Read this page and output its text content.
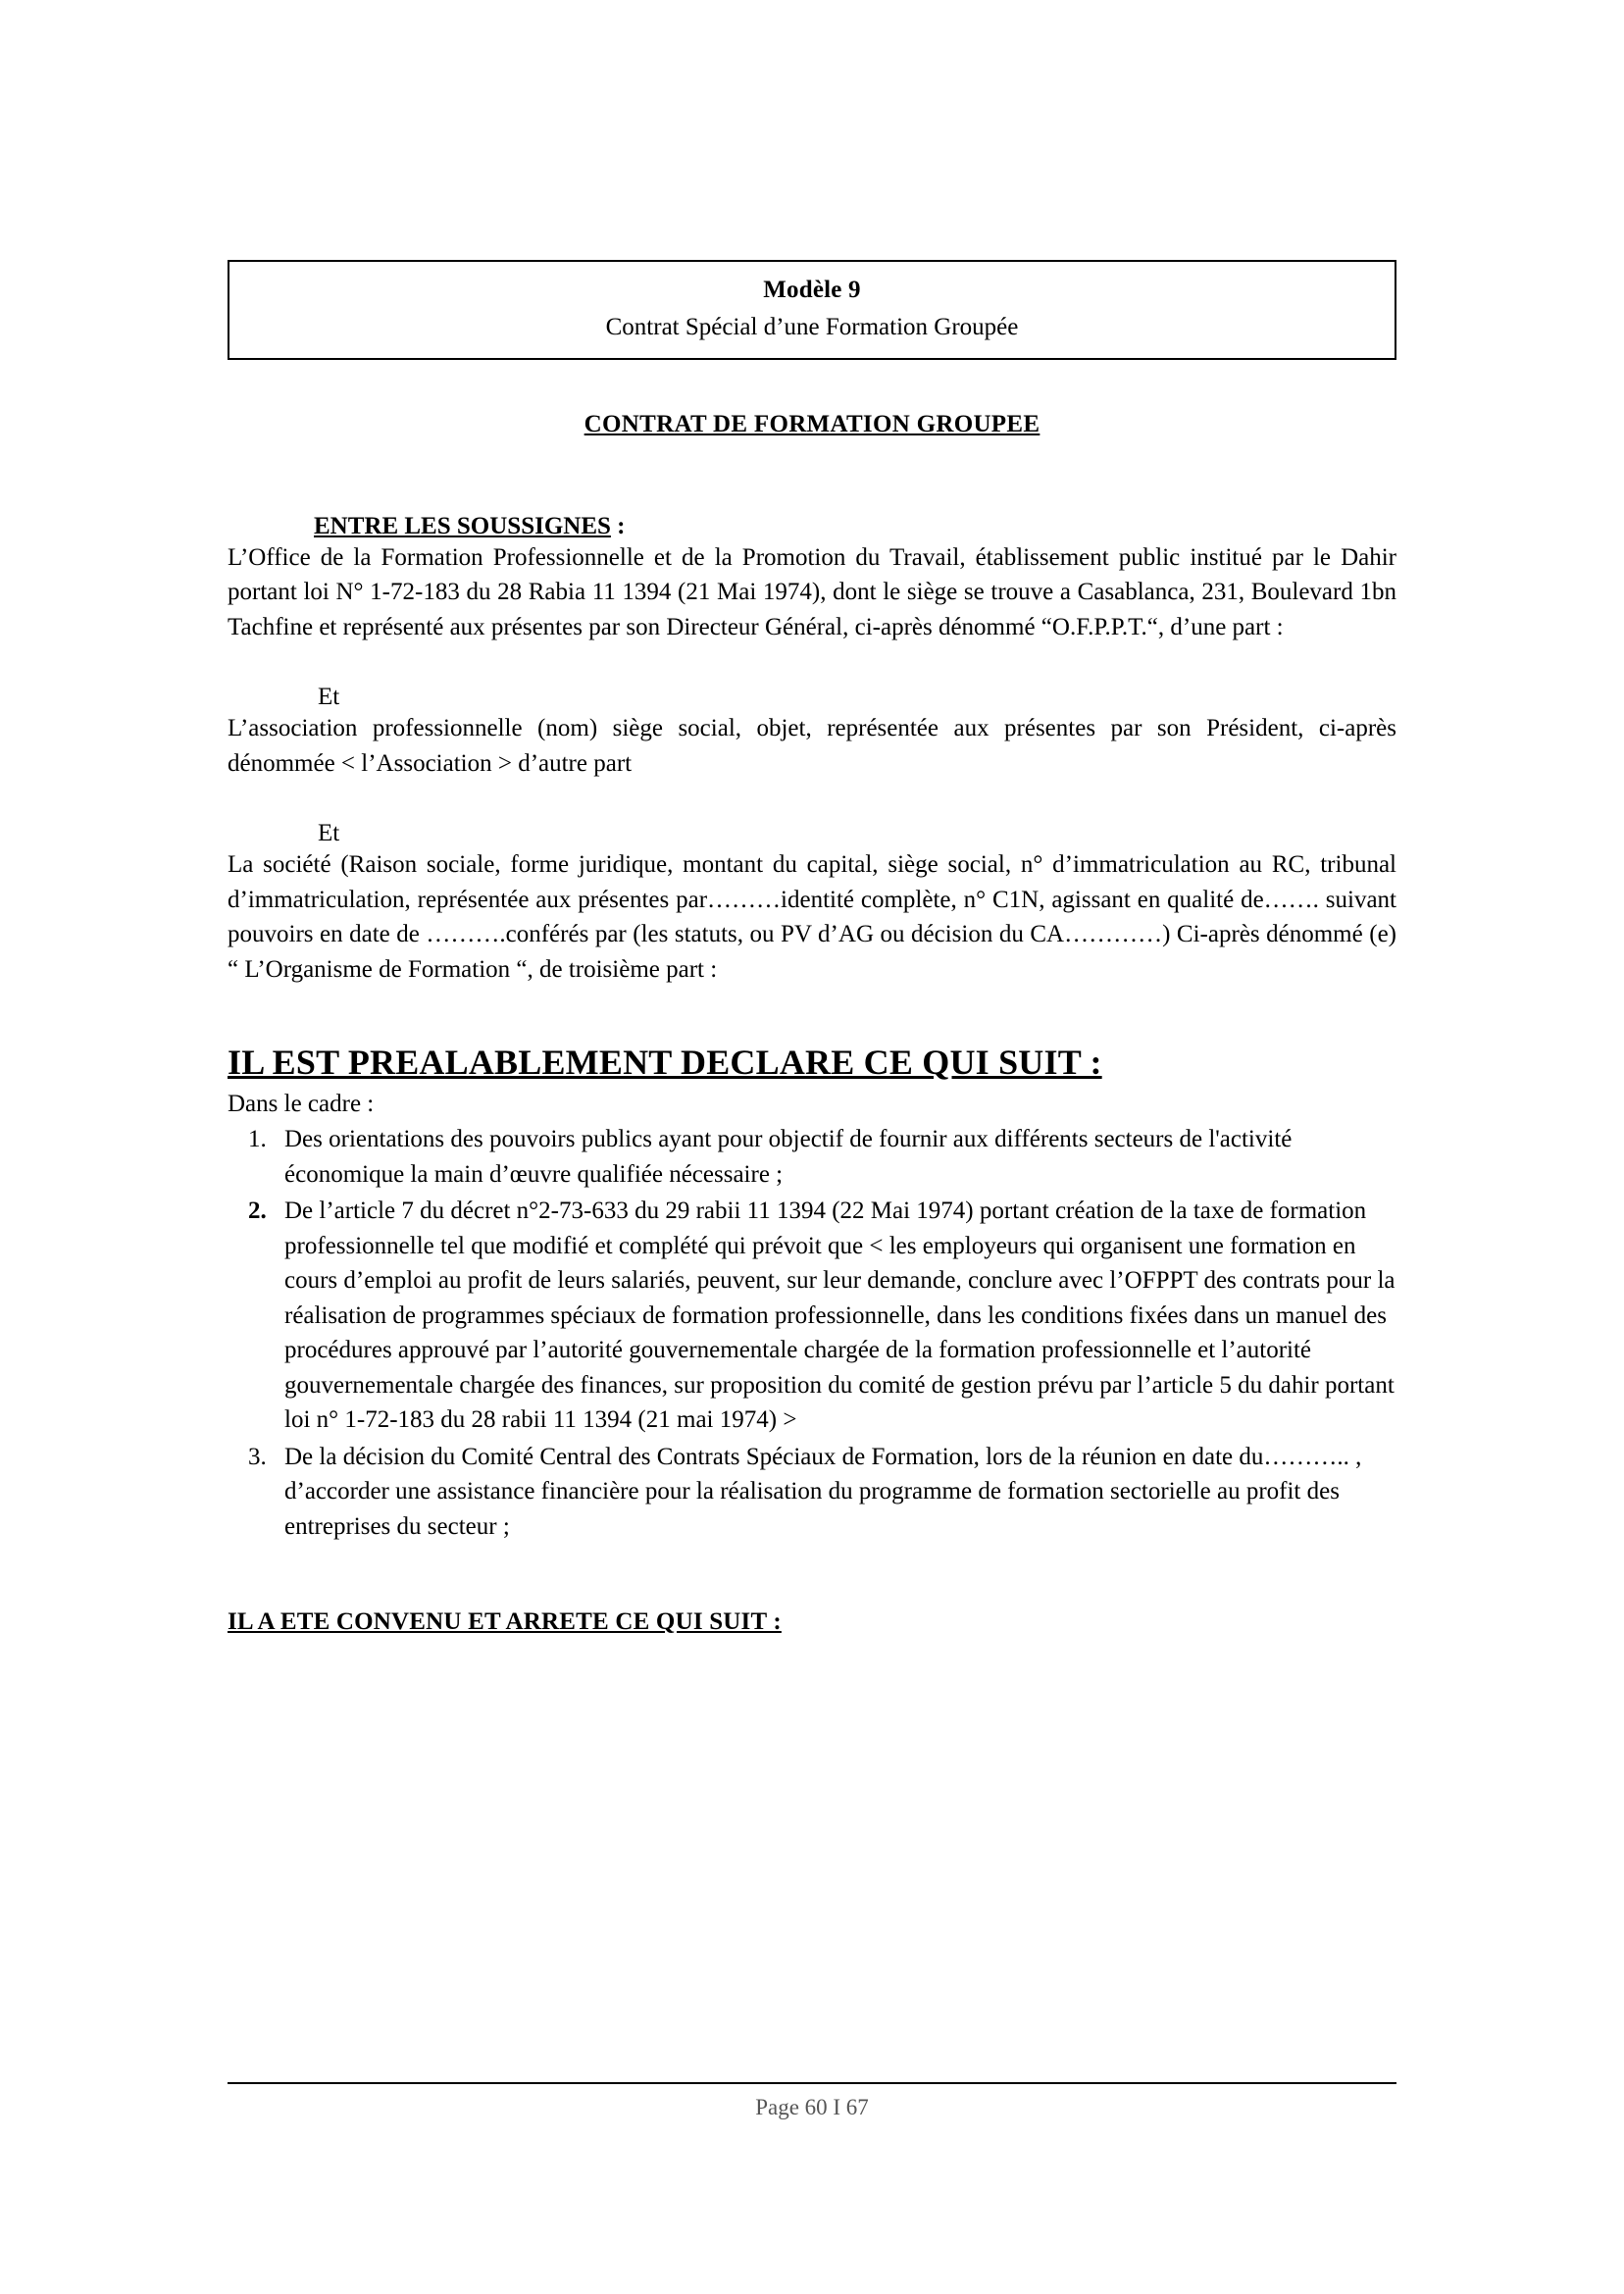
Modèle 9
Contrat Spécial d’une Formation Groupée
CONTRAT DE FORMATION GROUPEE
ENTRE LES SOUSSIGNES :

L’Office de la Formation Professionnelle et de la Promotion du Travail, établissement public institué par le Dahir portant loi N° 1-72-183 du 28 Rabia 11 1394 (21 Mai 1974), dont le siège se trouve a Casablanca, 231, Boulevard 1bn Tachfine et représenté aux présentes par son Directeur Général, ci-après dénommé “O.F.P.P.T.“, d’une part :

Et

L’association professionnelle (nom) siège social, objet, représentée aux présentes par son Président, ci-après dénommée < l’Association > d’autre part

Et

La société (Raison sociale, forme juridique, montant du capital, siège social, n° d’immatriculation au RC, tribunal d’immatriculation, représentée aux présentes par………identité complète, n° C1N, agissant en qualité de……. suivant pouvoirs en date de ……….conférés par (les statuts, ou PV d’AG ou décision du CA…………) Ci-après dénommé (e) “ L’Organisme de Formation “, de troisième part :

IL EST PREALABLEMENT DECLARE CE QUI SUIT :
Dans le cadre :
1. Des orientations des pouvoirs publics ayant pour objectif de fournir aux différents secteurs de l'activité économique la main d’œuvre qualifiée nécessaire ;
2. De l’article 7 du décret n°2-73-633 du 29 rabii 11 1394 (22 Mai 1974) portant création de la taxe de formation professionnelle tel que modifié et complété qui prévoit que < les employeurs qui organisent une formation en cours d’emploi au profit de leurs salariés, peuvent, sur leur demande, conclure avec l’OFPPT des contrats pour la réalisation de programmes spéciaux de formation professionnelle, dans les conditions fixées dans un manuel des procédures approuvé par l’autorité gouvernementale chargée de la formation professionnelle et l’autorité gouvernementale chargée des finances, sur proposition du comité de gestion prévu par l’article 5 du dahir portant loi n° 1-72-183 du 28 rabii 11 1394 (21 mai 1974) >
3. De la décision du Comité Central des Contrats Spéciaux de Formation, lors de la réunion en date du……….. , d’accorder une assistance financière pour la réalisation du programme de formation sectorielle au profit des entreprises du secteur ;
IL A ETE CONVENU ET ARRETE CE QUI SUIT :
Page 60 I 67
